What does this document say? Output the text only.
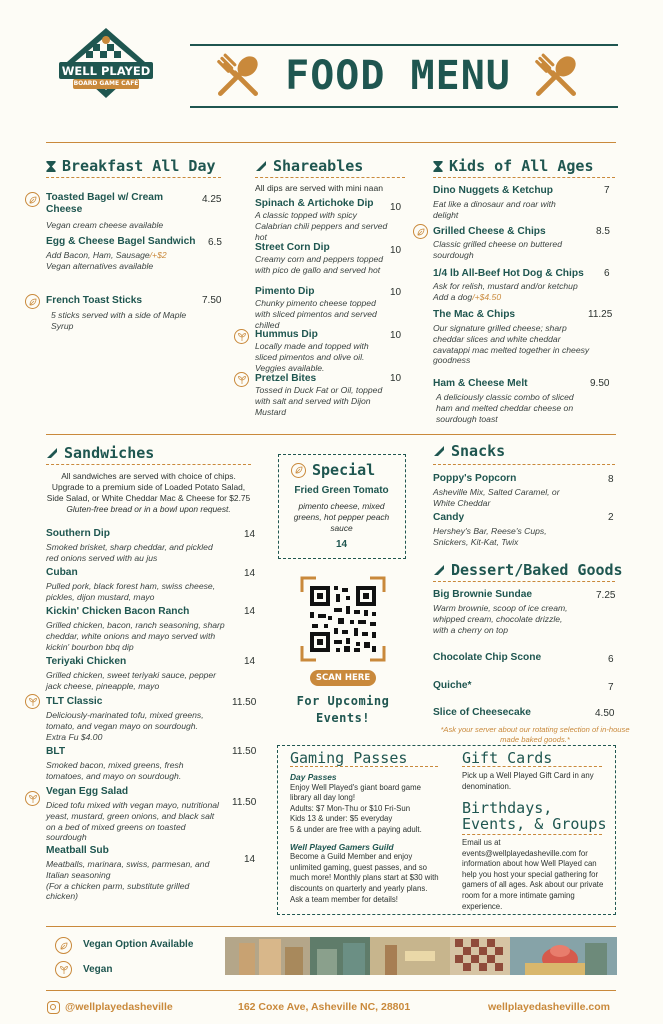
WELL PLAYED
BOARD GAME CAFÉ	FOOD MENU
Breakfast All Day
Toasted Bagel w/ Cream Cheese
Vegan cream cheese available
4.25
Egg & Cheese Bagel Sandwich
Add Bacon, Ham, Sausage/+$2
Vegan alternatives available
6.5
French Toast Sticks
5 sticks served with a side of Maple Syrup
7.50
Shareables
All dips are served with mini naan
Spinach & Artichoke Dip
A classic topped with spicy Calabrian chili peppers and served hot
10
Street Corn Dip
Creamy corn and peppers topped with pico de gallo and served hot
10
Pimento Dip
Chunky pimento cheese topped with sliced pimentos and served chilled
10
Hummus Dip
Locally made and topped with sliced pimentos and olive oil. Veggies available.
10
Pretzel Bites
Tossed in Duck Fat or Oil, topped with salt and served with Dijon Mustard
10
Kids of All Ages
Dino Nuggets & Ketchup
Eat like a dinosaur and roar with delight
7
Grilled Cheese & Chips
Classic grilled cheese on buttered sourdough
8.5
1/4 lb All-Beef Hot Dog & Chips
Ask for relish, mustard and/or ketchup
Add a dog/+$4.50
6
The Mac & Chips
Our signature grilled cheese; sharp cheddar slices and white cheddar cavatappi mac melted together in cheesy goodness
11.25
Ham & Cheese Melt
A deliciously classic combo of sliced ham and melted cheddar cheese on sourdough toast
9.50
Sandwiches
All sandwiches are served with choice of chips. Upgrade to a premium side of Loaded Potato Salad, Side Salad, or White Cheddar Mac & Cheese for $2.75
Gluten-free bread or in a bowl upon request.
Southern Dip
Smoked brisket, sharp cheddar, and pickled red onions served with au jus
14
Cuban
Pulled pork, black forest ham, swiss cheese, pickles, dijon mustard, mayo
14
Kickin' Chicken Bacon Ranch
Grilled chicken, bacon, ranch seasoning, sharp cheddar, white onions and mayo served with kickin' bourbon bbq dip
14
Teriyaki Chicken
Grilled chicken, sweet teriyaki sauce, pepper jack cheese, pineapple, mayo
14
TLT Classic
Deliciously-marinated tofu, mixed greens, tomato, and vegan mayo on sourdough. Extra Fu $4.00
11.50
BLT
Smoked bacon, mixed greens, fresh tomatoes, and mayo on sourdough.
11.50
Vegan Egg Salad
Diced tofu mixed with vegan mayo, nutritional yeast, mustard, green onions, and black salt on a bed of mixed greens on toasted sourdough
11.50
Meatball Sub
Meatballs, marinara, swiss, parmesan, and Italian seasoning
(For a chicken parm, substitute grilled chicken)
14
Special
Fried Green Tomato
pimento cheese, mixed greens, hot pepper peach sauce
14
SCAN HERE
For Upcoming Events!
Snacks
Poppy's Popcorn
Asheville Mix, Salted Caramel, or White Cheddar
8
Candy
Hershey's Bar, Reese's Cups, Snickers, Kit-Kat, Twix
2
Dessert/Baked Goods
Big Brownie Sundae
Warm brownie, scoop of ice cream, whipped cream, chocolate drizzle, with a cherry on top
7.25
Chocolate Chip Scone	6
Quiche*	7
Slice of Cheesecake	4.50
*Ask your server about our rotating selection of in-house made baked goods.*
Gaming Passes
Day Passes
Enjoy Well Played's giant board game library all day long!
Adults: $7 Mon-Thu or $10 Fri-Sun
Kids 13 & under: $5 everyday
5 & under are free with a paying adult.
Well Played Gamers Guild
Become a Guild Member and enjoy unlimited gaming, guest passes, and so much more! Monthly plans start at $30 with discounts on quarterly and yearly plans. Ask a team member for details!
Gift Cards
Pick up a Well Played Gift Card in any denomination.
Birthdays, Events, & Groups
Email us at events@wellplayedasheville.com for information about how Well Played can help you host your special gathering for gamers of all ages. Ask about our private room for a more intimate gaming experience.
Vegan Option Available
Vegan
@wellplayedasheville	162 Coxe Ave, Asheville NC, 28801	wellplayedasheville.com
